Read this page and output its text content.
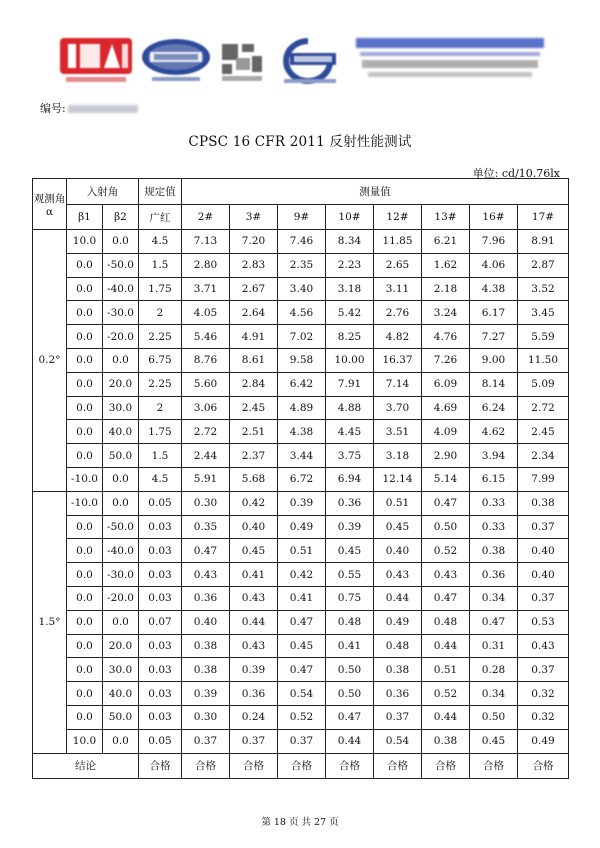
编号:
CPSC 16 CFR 2011 反射性能测试
单位: cd/10.76lx
观测角α	入射角		规定值	测量值							
	β1	β2	广红	2#	3#	9#	10#	12#	13#	16#	17#
0.2°	10.0	0.0	4.5	7.13	7.20	7.46	8.34	11.85	6.21	7.96	8.91
	0.0	-50.0	1.5	2.80	2.83	2.35	2.23	2.65	1.62	4.06	2.87
	0.0	-40.0	1.75	3.71	2.67	3.40	3.18	3.11	2.18	4.38	3.52
	0.0	-30.0	2	4.05	2.64	4.56	5.42	2.76	3.24	6.17	3.45
	0.0	-20.0	2.25	5.46	4.91	7.02	8.25	4.82	4.76	7.27	5.59
	0.0	0.0	6.75	8.76	8.61	9.58	10.00	16.37	7.26	9.00	11.50
	0.0	20.0	2.25	5.60	2.84	6.42	7.91	7.14	6.09	8.14	5.09
	0.0	30.0	2	3.06	2.45	4.89	4.88	3.70	4.69	6.24	2.72
	0.0	40.0	1.75	2.72	2.51	4.38	4.45	3.51	4.09	4.62	2.45
	0.0	50.0	1.5	2.44	2.37	3.44	3.75	3.18	2.90	3.94	2.34
	-10.0	0.0	4.5	5.91	5.68	6.72	6.94	12.14	5.14	6.15	7.99
1.5°	-10.0	0.0	0.05	0.30	0.42	0.39	0.36	0.51	0.47	0.33	0.38
	0.0	-50.0	0.03	0.35	0.40	0.49	0.39	0.45	0.50	0.33	0.37
	0.0	-40.0	0.03	0.47	0.45	0.51	0.45	0.40	0.52	0.38	0.40
	0.0	-30.0	0.03	0.43	0.41	0.42	0.55	0.43	0.43	0.36	0.40
	0.0	-20.0	0.03	0.36	0.43	0.41	0.75	0.44	0.47	0.34	0.37
	0.0	0.0	0.07	0.40	0.44	0.47	0.48	0.49	0.48	0.47	0.53
	0.0	20.0	0.03	0.38	0.43	0.45	0.41	0.48	0.44	0.31	0.43
	0.0	30.0	0.03	0.38	0.39	0.47	0.50	0.38	0.51	0.28	0.37
	0.0	40.0	0.03	0.39	0.36	0.54	0.50	0.36	0.52	0.34	0.32
	0.0	50.0	0.03	0.30	0.24	0.52	0.47	0.37	0.44	0.50	0.32
	10.0	0.0	0.05	0.37	0.37	0.37	0.44	0.54	0.38	0.45	0.49
结论			合格	合格	合格	合格	合格	合格	合格	合格	合格
第 18 页 共 27 页
